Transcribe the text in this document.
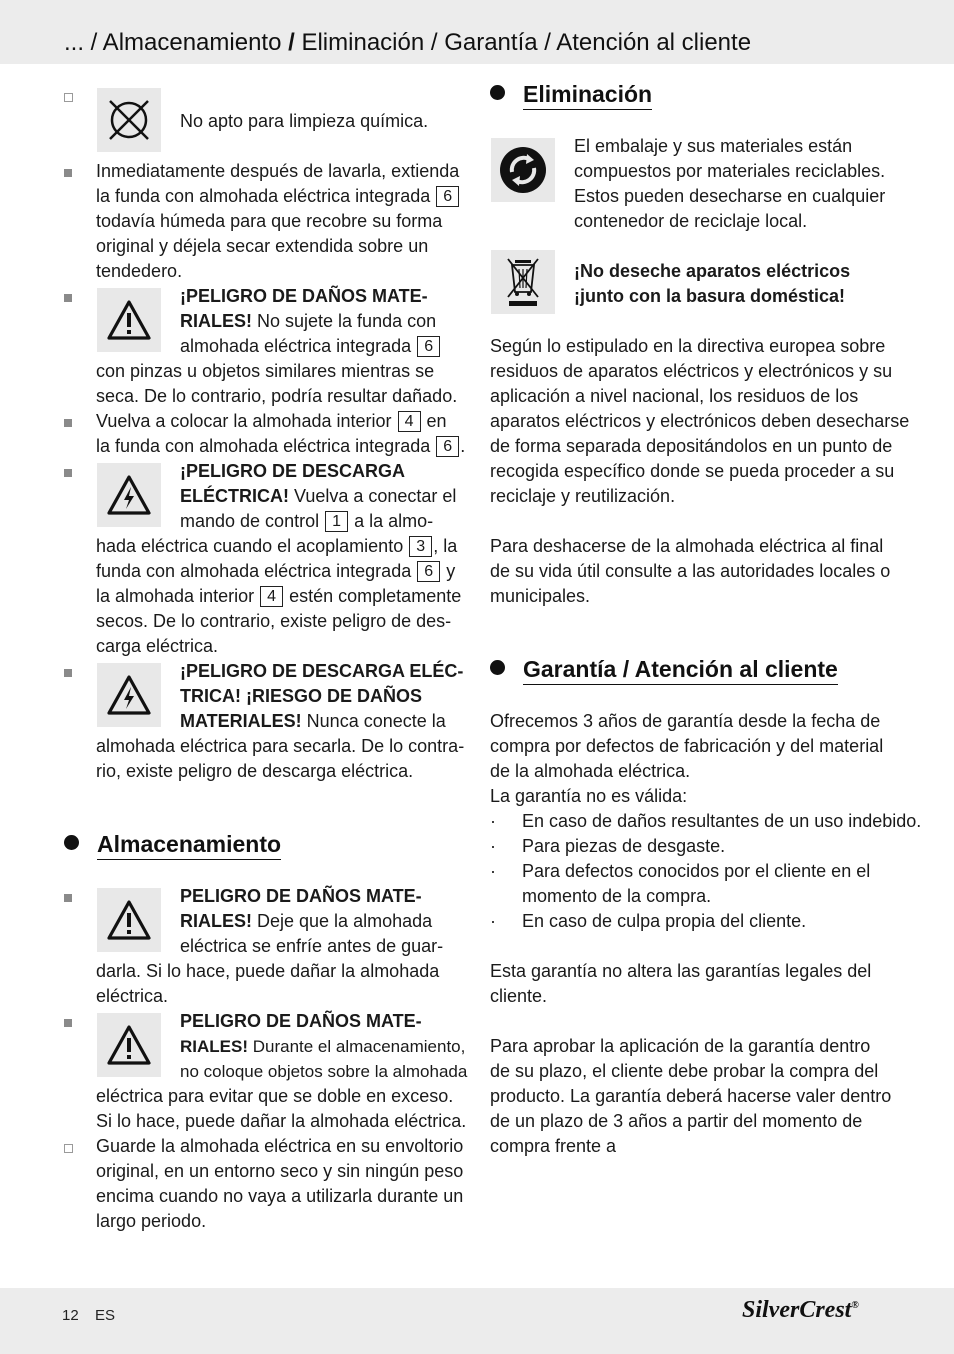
... / Almacenamiento / Eliminación / Garantía / Atención al cliente
No apto para limpieza química.
Inmediatamente después de lavarla, extienda
la funda con almohada eléctrica integrada 6
todavía húmeda para que recobre su forma
original y déjela secar extendida sobre un
tendedero.
¡PELIGRO DE DAÑOS MATE-
RIALES! No sujete la funda con
almohada eléctrica integrada 6
con pinzas u objetos similares mientras se
seca. De lo contrario, podría resultar dañado.
Vuelva a colocar la almohada interior 4 en
la funda con almohada eléctrica integrada 6 .
¡PELIGRO DE DESCARGA
ELÉCTRICA! Vuelva a conectar el
mando de control 1 a la almo-
hada eléctrica cuando el acoplamiento 3 , la
funda con almohada eléctrica integrada 6 y
la almohada interior 4 estén completamente
secos. De lo contrario, existe peligro de des-
carga eléctrica.
¡PELIGRO DE DESCARGA ELÉC-
TRICA! ¡RIESGO DE DAÑOS
MATERIALES! Nunca conecte la
almohada eléctrica para secarla. De lo contra-
rio, existe peligro de descarga eléctrica.
Almacenamiento
PELIGRO DE DAÑOS MATE-
RIALES! Deje que la almohada
eléctrica se enfríe antes de guar-
darla. Si lo hace, puede dañar la almohada
eléctrica.
PELIGRO DE DAÑOS MATE-
RIALES! Durante el almacenamiento,
no coloque objetos sobre la almohada
eléctrica para evitar que se doble en exceso.
Si lo hace, puede dañar la almohada eléctrica.
Guarde la almohada eléctrica en su envoltorio
original, en un entorno seco y sin ningún peso
encima cuando no vaya a utilizarla durante un
largo periodo.
Eliminación
El embalaje y sus materiales están
compuestos por materiales reciclables.
Estos pueden desecharse en cualquier
contenedor de reciclaje local.
¡No deseche aparatos eléctricos
¡junto con la basura doméstica!
Según lo estipulado en la directiva europea sobre
residuos de aparatos eléctricos y electrónicos y su
aplicación a nivel nacional, los residuos de los
aparatos eléctricos y electrónicos deben desecharse
de forma separada depositándolos en un punto de
recogida específico donde se pueda proceder a su
reciclaje y reutilización.
Para deshacerse de la almohada eléctrica al final
de su vida útil consulte a las autoridades locales o
municipales.
Garantía / Atención al cliente
Ofrecemos 3 años de garantía desde la fecha de
compra por defectos de fabricación y del material
de la almohada eléctrica.
La garantía no es válida:
· En caso de daños resultantes de un uso indebido.
· Para piezas de desgaste.
· Para defectos conocidos por el cliente en el
momento de la compra.
· En caso de culpa propia del cliente.
Esta garantía no altera las garantías legales del
cliente.
Para aprobar la aplicación de la garantía dentro
de su plazo, el cliente debe probar la compra del
producto. La garantía deberá hacerse valer dentro
de un plazo de 3 años a partir del momento de
compra frente a
12 ES	SilverCrest®
